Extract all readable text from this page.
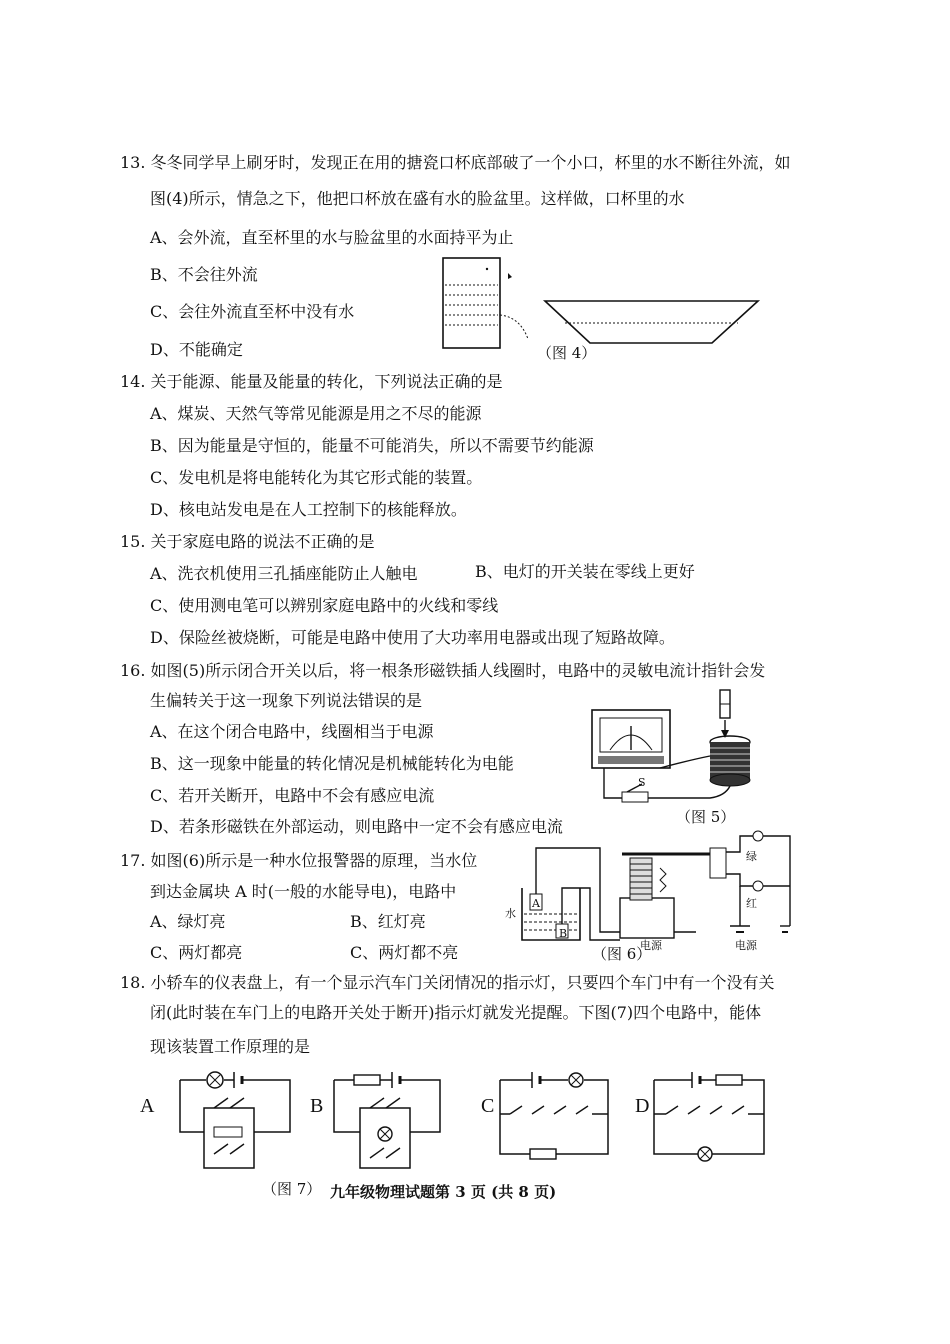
13. 冬冬同学早上刷牙时，发现正在用的搪瓷口杯底部破了一个小口，杯里的水不断往外流，如
图(4)所示，情急之下，他把口杯放在盛有水的脸盆里。这样做，口杯里的水
A、会外流，直至杯里的水与脸盆里的水面持平为止
B、不会往外流
C、会往外流直至杯中没有水
D、不能确定	（图 4）
14. 关于能源、能量及能量的转化，下列说法正确的是
A、煤炭、天然气等常见能源是用之不尽的能源
B、因为能量是守恒的，能量不可能消失，所以不需要节约能源
C、发电机是将电能转化为其它形式能的装置。
D、核电站发电是在人工控制下的核能释放。
15. 关于家庭电路的说法不正确的是
A、洗衣机使用三孔插座能防止人触电	B、电灯的开关装在零线上更好
C、使用测电笔可以辨别家庭电路中的火线和零线
D、保险丝被烧断，可能是电路中使用了大功率用电器或出现了短路故障。
16. 如图(5)所示闭合开关以后，将一根条形磁铁插人线圈时，电路中的灵敏电流计指针会发
生偏转关于这一现象下列说法错误的是
A、在这个闭合电路中，线圈相当于电源
B、这一现象中能量的转化情况是机械能转化为电能
C、若开关断开，电路中不会有感应电流
D、若条形磁铁在外部运动，则电路中一定不会有感应电流
S
（图 5）
17. 如图(6)所示是一种水位报警器的原理，当水位
到达金属块 A 时(一般的水能导电)，电路中
A、绿灯亮	B、红灯亮
C、两灯都亮	C、两灯都不亮
水
A
B
绿
红
电源	电源
（图 6）
18. 小轿车的仪表盘上，有一个显示汽车门关闭情况的指示灯，只要四个车门中有一个没有关
闭(此时装在车门上的电路开关处于断开)指示灯就发光提醒。下图(7)四个电路中，能体
现该装置工作原理的是
A	B	C	D
（图 7） 九年级物理试题第 3 页 (共 8 页)
